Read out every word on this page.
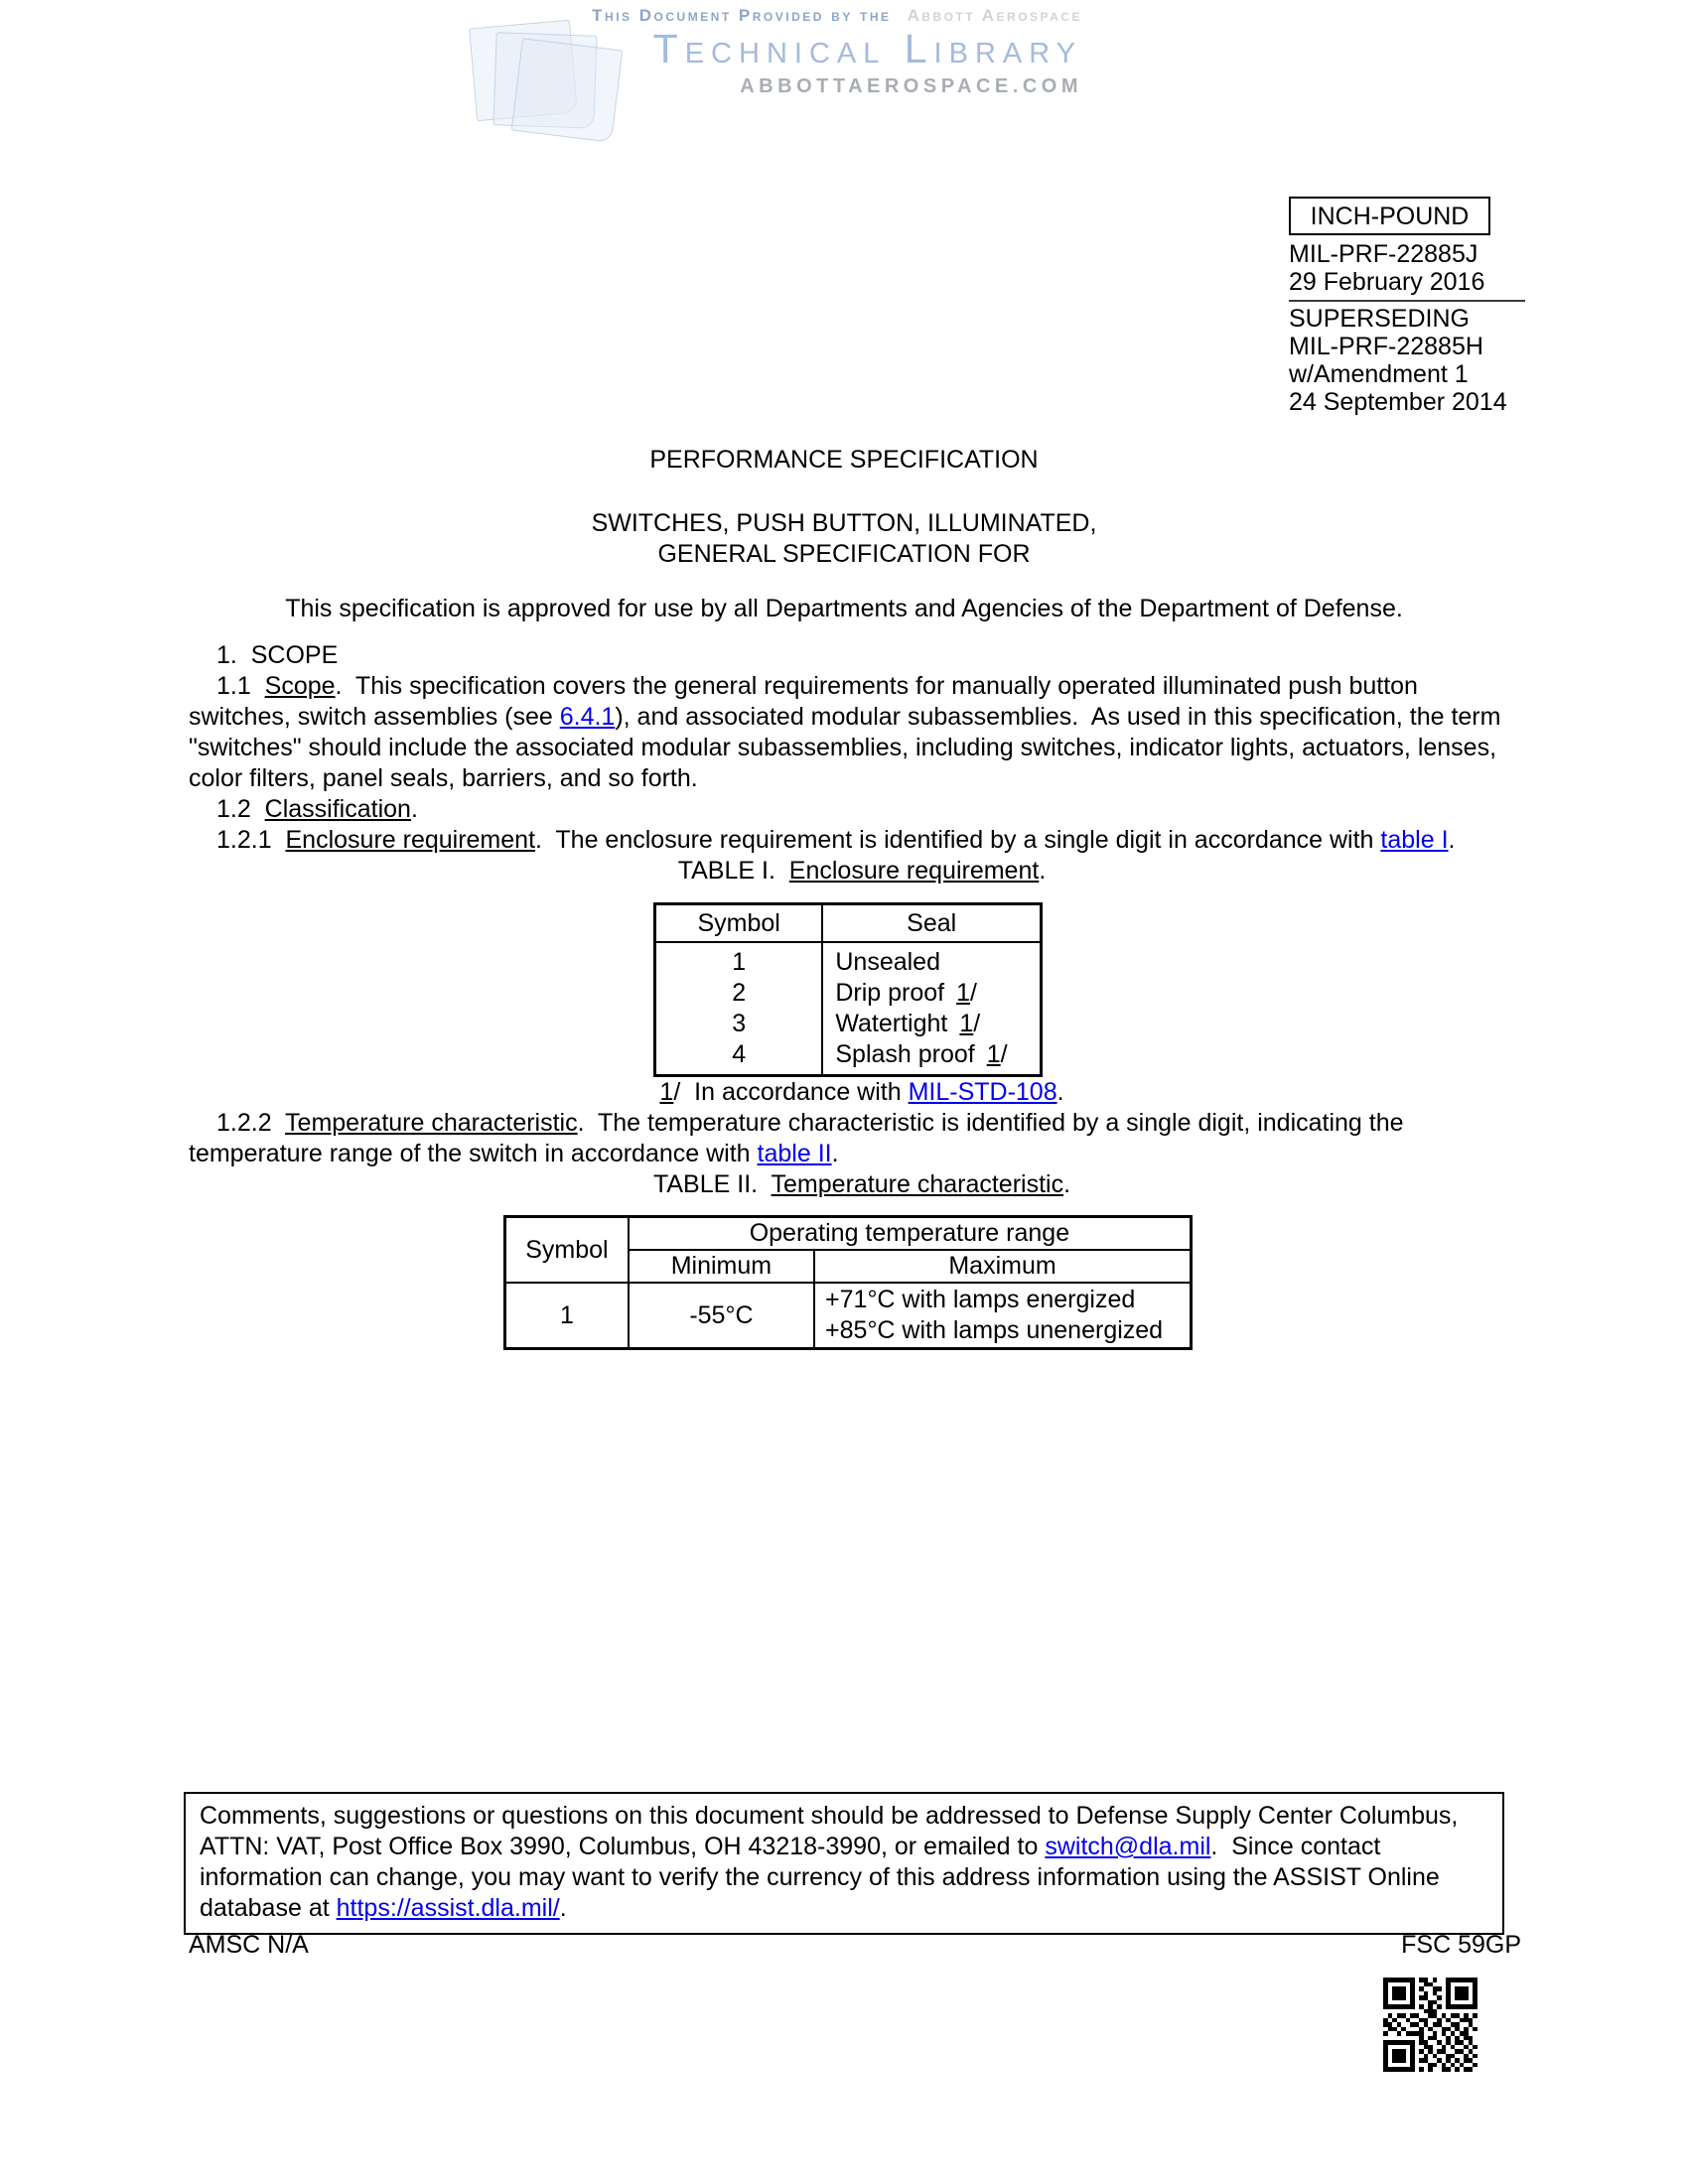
This Document Provided by the Abbott Aerospace
Technical Library
ABBOTTAEROSPACE.COM
INCH-POUND
MIL-PRF-22885J
29 February 2016
SUPERSEDING
MIL-PRF-22885H
w/Amendment 1
24 September 2014
PERFORMANCE SPECIFICATION
SWITCHES, PUSH BUTTON, ILLUMINATED,
GENERAL SPECIFICATION FOR
This specification is approved for use by all Departments and Agencies of the Department of Defense.

1.  SCOPE

1.1  Scope.  This specification covers the general requirements for manually operated illuminated push button switches, switch assemblies (see 6.4.1), and associated modular subassemblies.  As used in this specification, the term "switches" should include the associated modular subassemblies, including switches, indicator lights, actuators, lenses, color filters, panel seals, barriers, and so forth.

1.2  Classification.

1.2.1  Enclosure requirement.  The enclosure requirement is identified by a single digit in accordance with table I.

TABLE I.  Enclosure requirement.

Symbol	Seal
1	Unsealed
2	Drip proof 1/
3	Watertight 1/
4	Splash proof 1/

1/  In accordance with MIL-STD-108.

1.2.2  Temperature characteristic.  The temperature characteristic is identified by a single digit, indicating the temperature range of the switch in accordance with table II.

TABLE II.  Temperature characteristic.

Symbol	Operating temperature range	
	Minimum	Maximum
1	-55°C	+71°C with lamps energized
+85°C with lamps unenergized
Comments, suggestions or questions on this document should be addressed to Defense Supply Center Columbus, ATTN: VAT, Post Office Box 3990, Columbus, OH 43218-3990, or emailed to switch@dla.mil.  Since contact information can change, you may want to verify the currency of this address information using the ASSIST Online database at https://assist.dla.mil/.
AMSC N/A	FSC 59GP
